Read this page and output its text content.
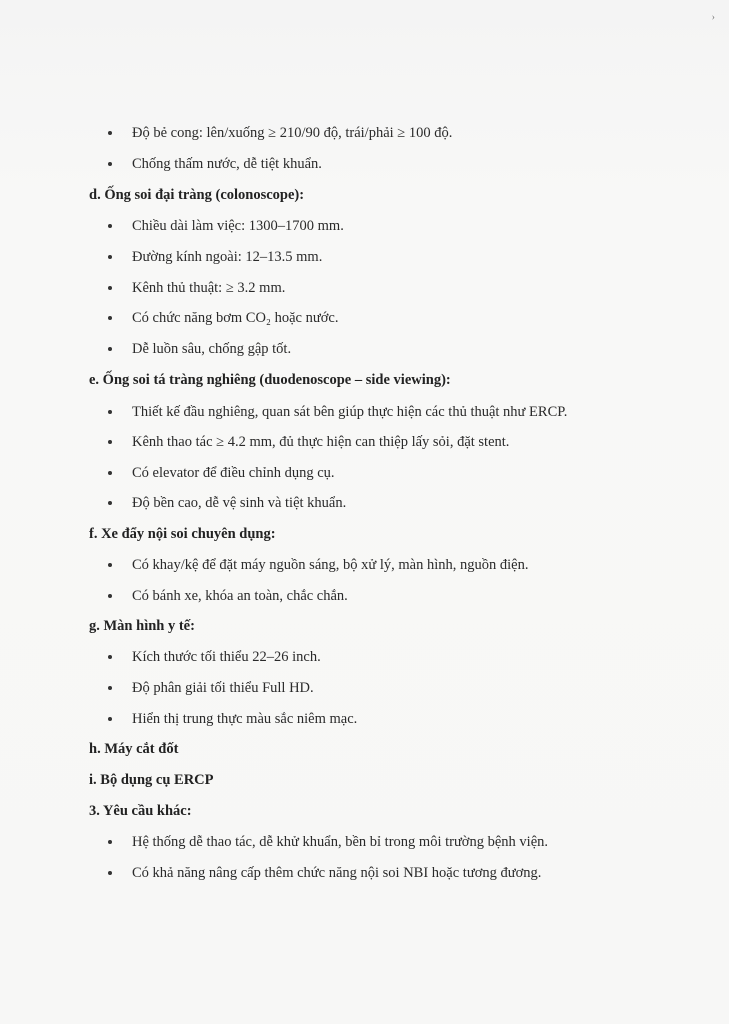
›
Độ bẻ cong: lên/xuống ≥ 210/90 độ, trái/phải ≥ 100 độ.
Chống thấm nước, dễ tiệt khuẩn.
d. Ống soi đại tràng (colonoscope):
Chiều dài làm việc: 1300–1700 mm.
Đường kính ngoài: 12–13.5 mm.
Kênh thủ thuật: ≥ 3.2 mm.
Có chức năng bơm CO₂ hoặc nước.
Dễ luồn sâu, chống gập tốt.
e. Ống soi tá tràng nghiêng (duodenoscope – side viewing):
Thiết kế đầu nghiêng, quan sát bên giúp thực hiện các thủ thuật như ERCP.
Kênh thao tác ≥ 4.2 mm, đủ thực hiện can thiệp lấy sỏi, đặt stent.
Có elevator để điều chỉnh dụng cụ.
Độ bền cao, dễ vệ sinh và tiệt khuẩn.
f. Xe đẩy nội soi chuyên dụng:
Có khay/kệ để đặt máy nguồn sáng, bộ xử lý, màn hình, nguồn điện.
Có bánh xe, khóa an toàn, chắc chắn.
g. Màn hình y tế:
Kích thước tối thiểu 22–26 inch.
Độ phân giải tối thiểu Full HD.
Hiển thị trung thực màu sắc niêm mạc.
h. Máy cắt đốt
i. Bộ dụng cụ ERCP
3. Yêu cầu khác:
Hệ thống dễ thao tác, dễ khử khuẩn, bền bỉ trong môi trường bệnh viện.
Có khả năng nâng cấp thêm chức năng nội soi NBI hoặc tương đương.
